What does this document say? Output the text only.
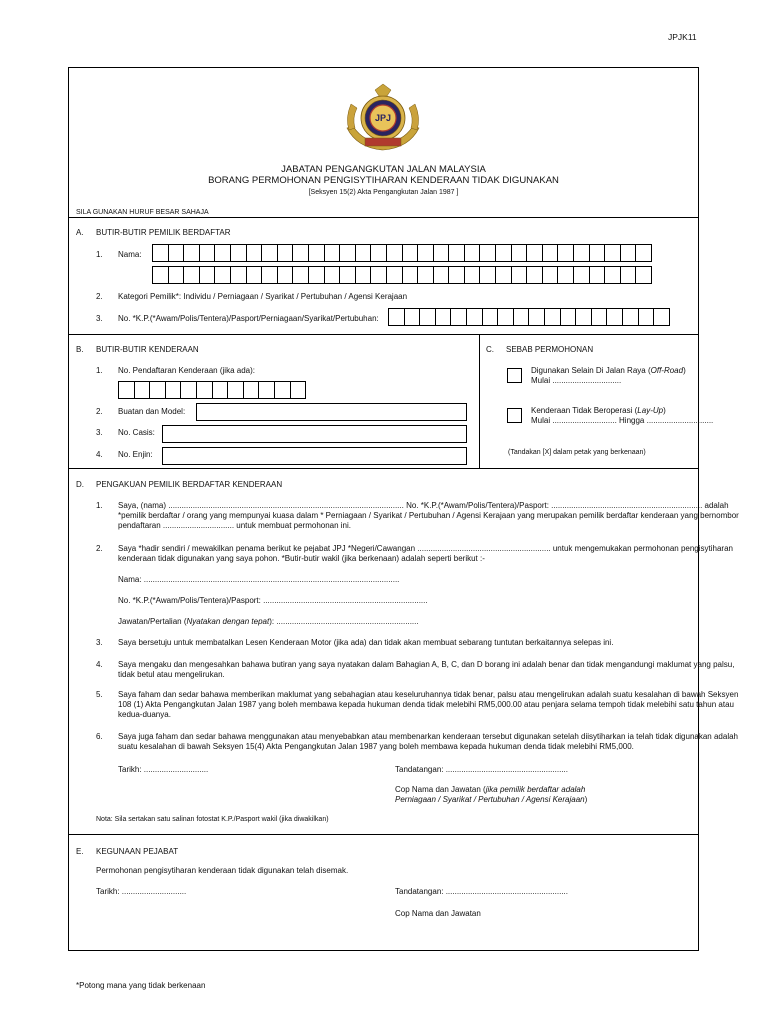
JPJK11
JPJ
JABATAN PENGANGKUTAN JALAN MALAYSIA
BORANG PERMOHONAN PENGISYTIHARAN KENDERAAN TIDAK DIGUNAKAN
[Seksyen 15(2) Akta Pengangkutan Jalan 1987 ]
SILA GUNAKAN HURUF BESAR SAHAJA
A. BUTIR-BUTIR PEMILIK BERDAFTAR
1. Nama:
2. Kategori Pemilik*: Individu / Perniagaan / Syarikat / Pertubuhan / Agensi Kerajaan
3. No. *K.P.(*Awam/Polis/Tentera)/Pasport/Perniagaan/Syarikat/Pertubuhan:
B. BUTIR-BUTIR KENDERAAN
1. No. Pendaftaran Kenderaan (jika ada):
2. Buatan dan Model:
3. No. Casis:
4. No. Enjin:
C. SEBAB PERMOHONAN
Digunakan Selain Di Jalan Raya (Off-Road)
Mulai ...............................
Kenderaan Tidak Beroperasi (Lay-Up)
Mulai ............................. Hingga ..............................
(Tandakan [X] dalam petak yang berkenaan)
D. PENGAKUAN PEMILIK BERDAFTAR KENDERAAN
1. Saya, (nama) .......................................................................................................... No. *K.P.(*Awam/Polis/Tentera)/Pasport: .................................................................... adalah
*pemilik berdaftar / orang yang mempunyai kuasa dalam * Perniagaan / Syarikat / Pertubuhan / Agensi Kerajaan yang merupakan pemilik berdaftar kenderaan yang bernombor
pendaftaran ................................ untuk membuat permohonan ini.
2. Saya *hadir sendiri / mewakilkan penama berikut ke pejabat JPJ *Negeri/Cawangan ............................................................ untuk mengemukakan permohonan pengisytiharan
kenderaan tidak digunakan yang saya pohon. *Butir-butir wakil (jika berkenaan) adalah seperti berikut :-
Nama: ...................................................................................................................
No. *K.P.(*Awam/Polis/Tentera)/Pasport: ..........................................................................
Jawatan/Pertalian (Nyatakan dengan tepat): ................................................................
3. Saya bersetuju untuk membatalkan Lesen Kenderaan Motor (jika ada) dan tidak akan membuat sebarang tuntutan berkaitannya selepas ini.
4. Saya mengaku dan mengesahkan bahawa butiran yang saya nyatakan dalam Bahagian A, B, C, dan D borang ini adalah benar dan tidak mengandungi maklumat yang palsu,
tidak betul atau mengelirukan.
5. Saya faham dan sedar bahawa memberikan maklumat yang sebahagian atau keseluruhannya tidak benar, palsu atau mengelirukan adalah suatu kesalahan di bawah Seksyen
108 (1) Akta Pengangkutan Jalan 1987 yang boleh membawa kepada hukuman denda tidak melebihi RM5,000.00 atau penjara selama tempoh tidak melebihi satu tahun atau
kedua-duanya.
6. Saya juga faham dan sedar bahawa menggunakan atau menyebabkan atau membenarkan kenderaan tersebut digunakan setelah diisytiharkan ia telah tidak digunakan adalah
suatu kesalahan di bawah Seksyen 15(4) Akta Pengangkutan Jalan 1987 yang boleh membawa kepada hukuman denda tidak melebihi RM5,000.
Tarikh: .............................	Tandatangan: .......................................................
Cop Nama dan Jawatan (jika pemilik berdaftar adalah
Perniagaan / Syarikat / Pertubuhan / Agensi Kerajaan)
Nota: Sila sertakan satu salinan fotostat K.P./Pasport wakil (jika diwakilkan)
E. KEGUNAAN PEJABAT
Permohonan pengisytiharan kenderaan tidak digunakan telah disemak.
Tarikh: .............................	Tandatangan: .......................................................
Cop Nama dan Jawatan
*Potong mana yang tidak berkenaan
